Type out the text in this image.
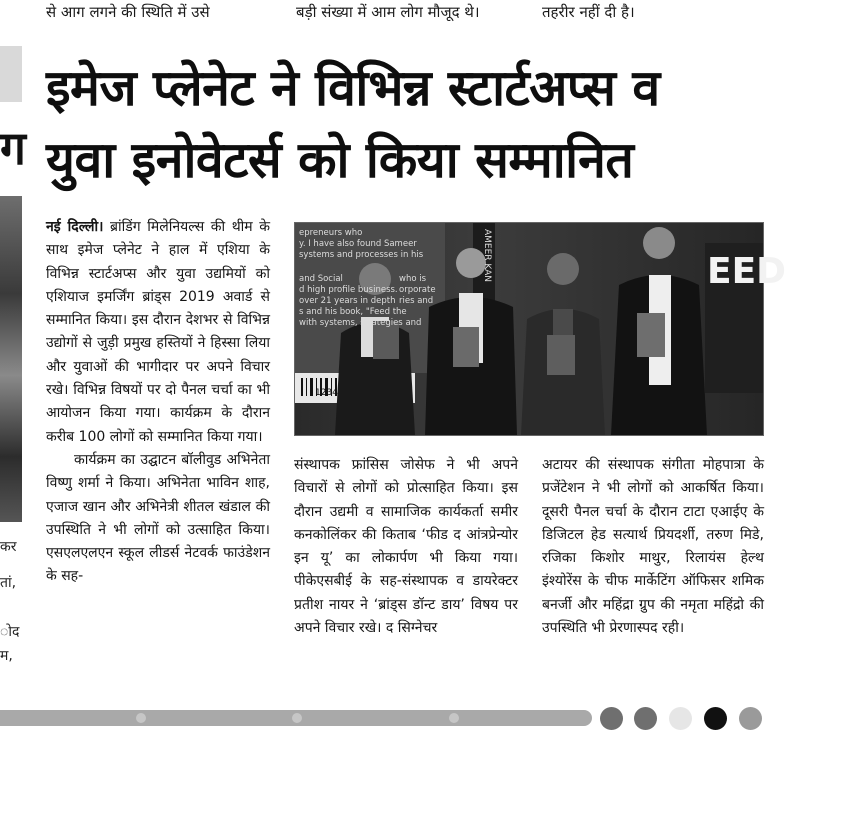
से आग लगने की स्थिति में उसे	बड़ी संख्या में आम लोग मौजूद थे।	तहरीर नहीं दी है।
ग
कर
तां,
ोद
म,
इमेज प्लेनेट ने विभिन्न स्टार्टअप्स व
युवा इनोवेटर्स को किया सम्मानित

नई दिल्ली। ब्रांडिंग मिलेनियल्स की थीम के साथ इमेज प्लेनेट ने हाल में एशिया के विभिन्न स्टार्टअप्स और युवा उद्यमियों को एशियाज इमर्जिंग ब्रांड्स 2019 अवार्ड से सम्मानित किया। इस दौरान देशभर से विभिन्न उद्योगों से जुड़ी प्रमुख हस्तियों ने हिस्सा लिया और युवाओं की भागीदार पर अपने विचार रखे। विभिन्न विषयों पर दो पैनल चर्चा का भी आयोजन किया गया। कार्यक्रम के दौरान करीब 100 लोगों को सम्मानित किया गया।

कार्यक्रम का उद्घाटन बॉलीवुड अभिनेता विष्णु शर्मा ने किया। अभिनेता भाविन शाह, एजाज खान और अभिनेत्री शीतल खंडाल की उपस्थिति ने भी लोगों को उत्साहित किया। एसएलएलएन स्कूल लीडर्स नेटवर्क फाउंडेशन के सह-

epreneurs who
y. I have also found Sameer
systems and processes in his
and Social
d high profile business.
over 21 years in depth
s and his book, "Feed the
with systems, strategies and
who is
orporate
ries and
1234
AMEER KAN	EED

संस्थापक फ्रांसिस जोसेफ ने भी अपने विचारों से लोगों को प्रोत्साहित किया। इस दौरान उद्यमी व सामाजिक कार्यकर्ता समीर कनकोलिंकर की किताब ‘फीड द आंत्रप्रेन्योर इन यू’ का लोकार्पण भी किया गया। पीकेएसबीई के सह-संस्थापक व डायरेक्टर प्रतीश नायर ने ‘ब्रांड्स डॉन्ट डाय’ विषय पर अपने विचार रखे। द सिग्नेचर

अटायर की संस्थापक संगीता मोहपात्रा के प्रजेंटेशन ने भी लोगों को आकर्षित किया। दूसरी पैनल चर्चा के दौरान टाटा एआईए के डिजिटल हेड सत्यार्थ प्रियदर्शी, तरुण मिडे, रजिका किशोर माथुर, रिलायंस हेल्थ इंश्योरेंस के चीफ मार्केटिंग ऑफिसर शमिक बनर्जी और महिंद्रा ग्रुप की नमृता महिंद्रो की उपस्थिति भी प्रेरणास्पद रही।
